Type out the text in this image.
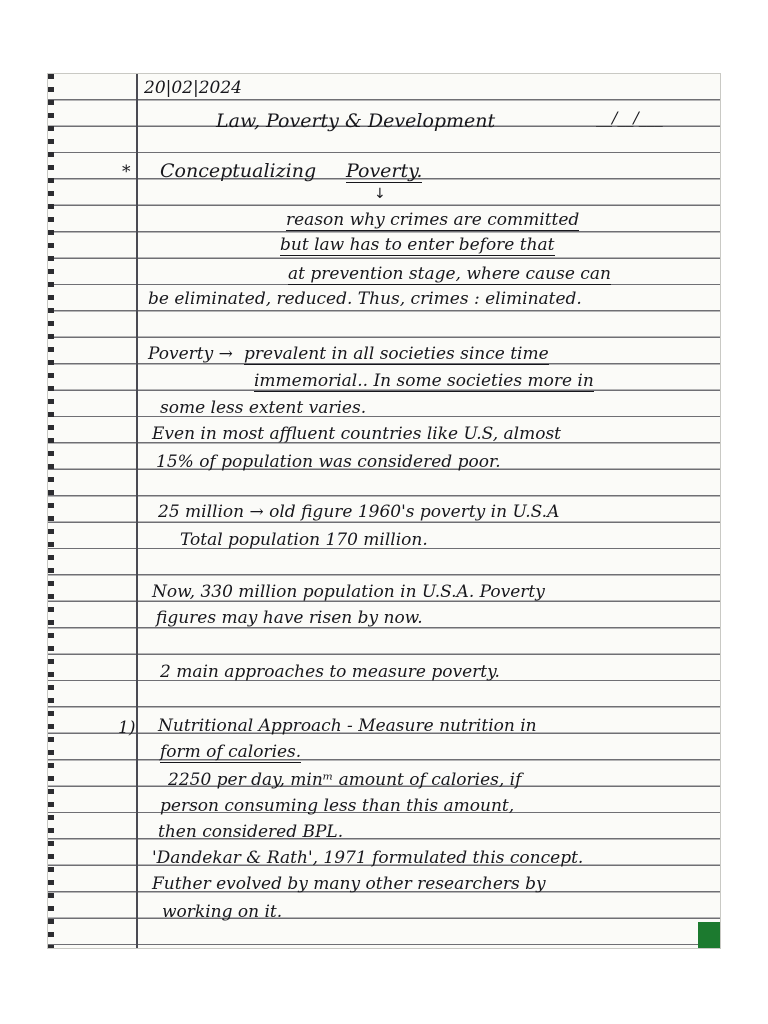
20|02|2024
Law, Poverty & Development	__/__/___
* Conceptualizing Poverty.
↓
reason why crimes are committed
but law has to enter before that
at prevention stage, where cause can
be eliminated, reduced. Thus, crimes : eliminated.
Poverty → prevalent in all societies since time
immemorial.. In some societies more in
some less extent varies.
Even in most affluent countries like U.S, almost
15% of population was considered poor.
25 million → old figure 1960's poverty in U.S.A
Total population 170 million.
Now, 330 million population in U.S.A. Poverty
figures may have risen by now.
2 main approaches to measure poverty.
1) Nutritional Approach - Measure nutrition in
form of calories.
2250 per day, minᵐ amount of calories, if
person consuming less than this amount,
then considered BPL.
'Dandekar & Rath', 1971 formulated this concept.
Futher evolved by many other researchers by
working on it.
